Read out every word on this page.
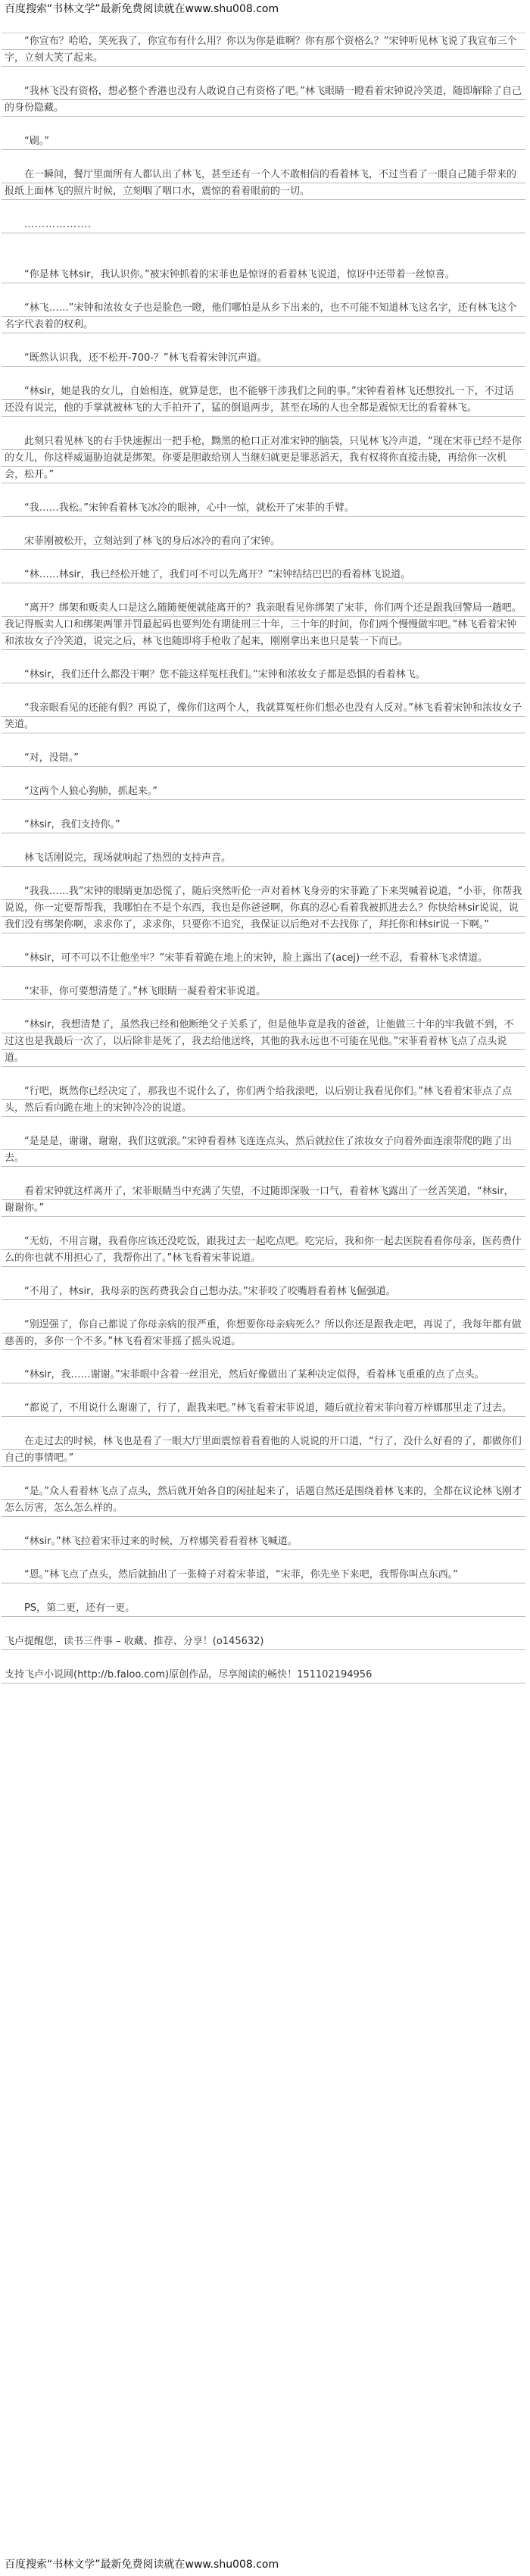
百度搜索“书林文学”最新免费阅读就在www.shu008.com

“你宣布？哈哈，笑死我了，你宣布有什么用？你以为你是谁啊？你有那个资格么？”宋钟听见林飞说了我宣布三个字，立刻大笑了起来。

“我林飞没有资格，想必整个香港也没有人敢说自己有资格了吧。”林飞眼睛一瞪看着宋钟说冷笑道，随即解除了自己的身份隐藏。

“刷。”

在一瞬间，餐厅里面所有人都认出了林飞，甚至还有一个人不敢相信的看着林飞，不过当看了一眼自己随手带来的报纸上面林飞的照片时候，立刻咽了咽口水，震惊的看着眼前的一切。

……………….

“你是林飞林sir，我认识你。”被宋钟抓着的宋菲也是惊讶的看着林飞说道，惊讶中还带着一丝惊喜。

“林飞……”宋钟和浓妆女子也是脸色一瞪，他们哪怕是从乡下出来的，也不可能不知道林飞这名字，还有林飞这个名字代表着的权利。

“既然认识我，还不松开-700-？”林飞看着宋钟沉声道。

“林sir，她是我的女儿，自始相连，就算是您，也不能够干涉我们之间的事。”宋钟看着林飞还想狡扎一下，不过话还没有说完，他的手掌就被林飞的大手拍开了，猛的倒退两步，甚至在场的人也全都是震惊无比的看着林飞。

此刻只看见林飞的右手快速握出一把手枪，黝黑的枪口正对准宋钟的脑袋，只见林飞冷声道，“现在宋菲已经不是你的女儿，你这样威逼胁迫就是绑架。你要是胆敢给别人当继妇就更是罪恶滔天，我有权将你直接击毙，再给你一次机会，松开。”

“我……我松。”宋钟看着林飞冰冷的眼神，心中一惊，就松开了宋菲的手臂。

宋菲刚被松开，立刻站到了林飞的身后冰冷的看向了宋钟。

“林……林sir，我已经松开她了，我们可不可以先离开？”宋钟结结巴巴的看着林飞说道。

“离开？绑架和贩卖人口是这么随随便便就能离开的？我亲眼看见你绑架了宋菲，你们两个还是跟我回警局一趟吧。我记得贩卖人口和绑架两罪并罚最起码也要判处有期徒刑三十年，三十年的时间，你们两个慢慢做牢吧。”林飞看着宋钟和浓妆女子冷笑道，说完之后，林飞也随即将手枪收了起来，刚刚拿出来也只是装一下而已。

“林sir，我们还什么都没干啊？您不能这样冤枉我们。”宋钟和浓妆女子都是恐惧的看着林飞。

“我亲眼看见的还能有假？再说了，像你们这两个人，我就算冤枉你们想必也没有人反对。”林飞看着宋钟和浓妆女子笑道。

“对，没错。”

“这两个人狼心狗肺，抓起来。”

“林sir，我们支持你。”

林飞话刚说完，现场就响起了热烈的支持声音。

“我我……我”宋钟的眼睛更加恐慌了，随后突然听伦一声对着林飞身旁的宋菲跪了下来哭喊着说道，“小菲，你帮我说说，你一定要帮帮我，我哪怕在不是个东西，我也是你爸爸啊，你真的忍心看着我被抓进去么？你快给林sir说说，说我们没有绑架你啊，求求你了，求求你，只要你不追究，我保证以后绝对不去找你了，拜托你和林sir说一下啊。”

“林sir，可不可以不让他坐牢？”宋菲看着跪在地上的宋钟，脸上露出了(acej)一丝不忍，看着林飞求情道。

“宋菲，你可要想清楚了。”林飞眼睛一凝看着宋菲说道。

“林sir，我想清楚了，虽然我已经和他断绝父子关系了，但是他毕竟是我的爸爸，让他做三十年的牢我做不到，不过这也是我最后一次了，以后除非是死了，我去给他送终，其他的我永远也不可能在见他。”宋菲看着林飞点了点头说道。

“行吧，既然你已经决定了，那我也不说什么了，你们两个给我滚吧，以后别让我看见你们。”林飞看着宋菲点了点头，然后看向跪在地上的宋钟冷冷的说道。

“是是是，谢谢，谢谢，我们这就滚。”宋钟看着林飞连连点头，然后就拉住了浓妆女子向着外面连滚带爬的跑了出去。

看着宋钟就这样离开了，宋菲眼睛当中充满了失望，不过随即深吸一口气，看着林飞露出了一丝苦笑道，“林sir，谢谢你。”

“无妨，不用言谢，我看你应该还没吃饭，跟我过去一起吃点吧。吃完后，我和你一起去医院看看你母亲，医药费什么的你也就不用担心了，我帮你出了。”林飞看着宋菲说道。

“不用了，林sir，我母亲的医药费我会自己想办法。”宋菲咬了咬嘴唇看着林飞倔强道。

“别逞强了，你自己都说了你母亲病的很严重，你想要你母亲病死么？所以你还是跟我走吧，再说了，我每年都有做慈善的，多你一个不多。”林飞看着宋菲摇了摇头说道。

“林sir，我……谢谢。”宋菲眼中含着一丝泪光，然后好像做出了某种决定似得，看着林飞重重的点了点头。

“都说了，不用说什么谢谢了，行了，跟我来吧。”林飞看着宋菲说道，随后就拉着宋菲向着万梓娜那里走了过去。

在走过去的时候，林飞也是看了一眼大厅里面震惊着看着他的人说说的开口道，“行了，没什么好看的了，都做你们自己的事情吧。”

“是。”众人看着林飞点了点头，然后就开始各自的闲扯起来了，话题自然还是围绕着林飞来的，全都在议论林飞刚才怎么厉害，怎么怎么样的。

“林sir。”林飞拉着宋菲过来的时候，万梓娜笑着看着林飞喊道。

“恩。”林飞点了点头，然后就抽出了一张椅子对着宋菲道，“宋菲，你先坐下来吧，我帮你叫点东西。”

PS，第二更，还有一更。

飞卢提醒您，读书三件事 – 收藏、推荐、分享！(o145632)

支持飞卢小说网(http://b.faloo.com)原创作品，尽享阅读的畅快！151102194956

百度搜索“书林文学”最新免费阅读就在www.shu008.com
